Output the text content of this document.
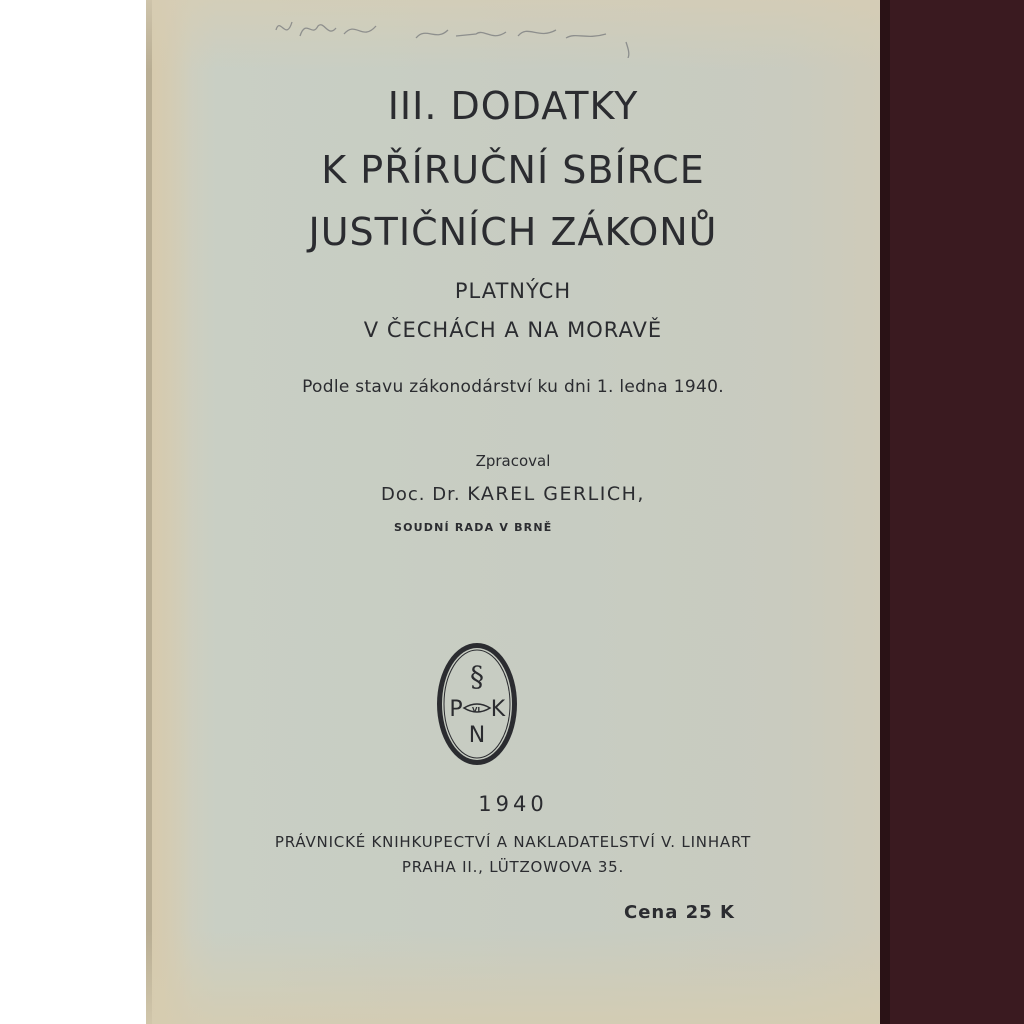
III. DODATKY
K PŘÍRUČNÍ SBÍRCE
JUSTIČNÍCH ZÁKONŮ
PLATNÝCH
V ČECHÁCH A NA MORAVĚ
Podle stavu zákonodárství ku dni 1. ledna 1940.
Zpracoval
Doc. Dr. KAREL GERLICH,
SOUDNÍ RADA V BRNĚ
§
P K
VL
N
1940
PRÁVNICKÉ KNIHKUPECTVÍ A NAKLADATELSTVÍ V. LINHART
PRAHA II., LÜTZOWOVA 35.
Cena 25 K
